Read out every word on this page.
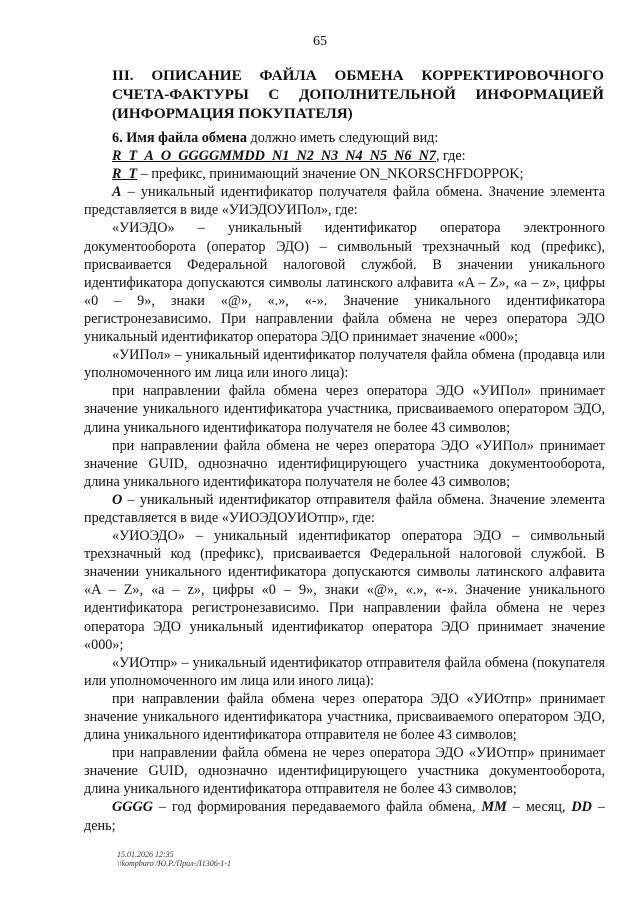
65
III. ОПИСАНИЕ ФАЙЛА ОБМЕНА КОРРЕКТИРОВОЧНОГО СЧЕТА-ФАКТУРЫ С ДОПОЛНИТЕЛЬНОЙ ИНФОРМАЦИЕЙ (ИНФОРМАЦИЯ ПОКУПАТЕЛЯ)

6. Имя файла обмена должно иметь следующий вид:

R_T_A_O_GGGGMMDD_N1_N2_N3_N4_N5_N6_N7, где:

R_T – префикс, принимающий значение ON_NKORSCHFDOPPOK;

A – уникальный идентификатор получателя файла обмена. Значение элемента представляется в виде «УИЭДОУИПол», где:

«УИЭДО» – уникальный идентификатор оператора электронного документооборота (оператор ЭДО) – символьный трехзначный код (префикс), присваивается Федеральной налоговой службой. В значении уникального идентификатора допускаются символы латинского алфавита «A – Z», «a – z», цифры «0 – 9», знаки «@», «.», «-». Значение уникального идентификатора регистронезависимо. При направлении файла обмена не через оператора ЭДО уникальный идентификатор оператора ЭДО принимает значение «000»;

«УИПол» – уникальный идентификатор получателя файла обмена (продавца или уполномоченного им лица или иного лица):

при направлении файла обмена через оператора ЭДО «УИПол» принимает значение уникального идентификатора участника, присваиваемого оператором ЭДО, длина уникального идентификатора получателя не более 43 символов;

при направлении файла обмена не через оператора ЭДО «УИПол» принимает значение GUID, однозначно идентифицирующего участника документооборота, длина уникального идентификатора получателя не более 43 символов;

O – уникальный идентификатор отправителя файла обмена. Значение элемента представляется в виде «УИОЭДОУИОтпр», где:

«УИОЭДО» – уникальный идентификатор оператора ЭДО – символьный трехзначный код (префикс), присваивается Федеральной налоговой службой. В значении уникального идентификатора допускаются символы латинского алфавита «A – Z», «a – z», цифры «0 – 9», знаки «@», «.», «-». Значение уникального идентификатора регистронезависимо. При направлении файла обмена не через оператора ЭДО уникальный идентификатор оператора ЭДО принимает значение «000»;

«УИОтпр» – уникальный идентификатор отправителя файла обмена (покупателя или уполномоченного им лица или иного лица):

при направлении файла обмена через оператора ЭДО «УИОтпр» принимает значение уникального идентификатора участника, присваиваемого оператором ЭДО, длина уникального идентификатора отправителя не более 43 символов;

при направлении файла обмена не через оператора ЭДО «УИОтпр» принимает значение GUID, однозначно идентифицирующего участника документооборота, длина уникального идентификатора отправителя не более 43 символов;

GGGG – год формирования передаваемого файла обмена, MM – месяц, DD – день;

15.01.2026 12:35
\\kompburo /Ю.Р./Прил-Л1306-1-1
